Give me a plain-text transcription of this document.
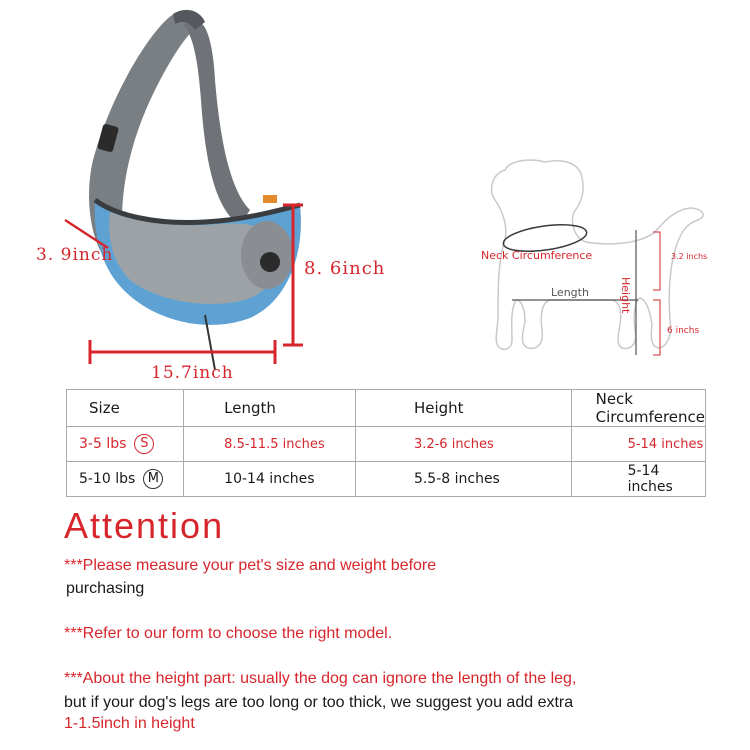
3. 9inch
8. 6inch
15.7inch
Neck Circumference
Length	Height
3.2 inchs
6 inchs
Size	Length	Height	Neck Circumference
3-5 lbs S	8.5-11.5 inches	3.2-6 inches	5-14 inches
5-10 lbs M	10-14 inches	5.5-8 inches	5-14 inches
Attention
***Please measure your pet's size and weight before
purchasing
***Refer to our form to choose the right model.
***About the height part: usually the dog can ignore the length of the leg,
but if your dog's legs are too long or too thick, we suggest you add extra
1-1.5inch in height
